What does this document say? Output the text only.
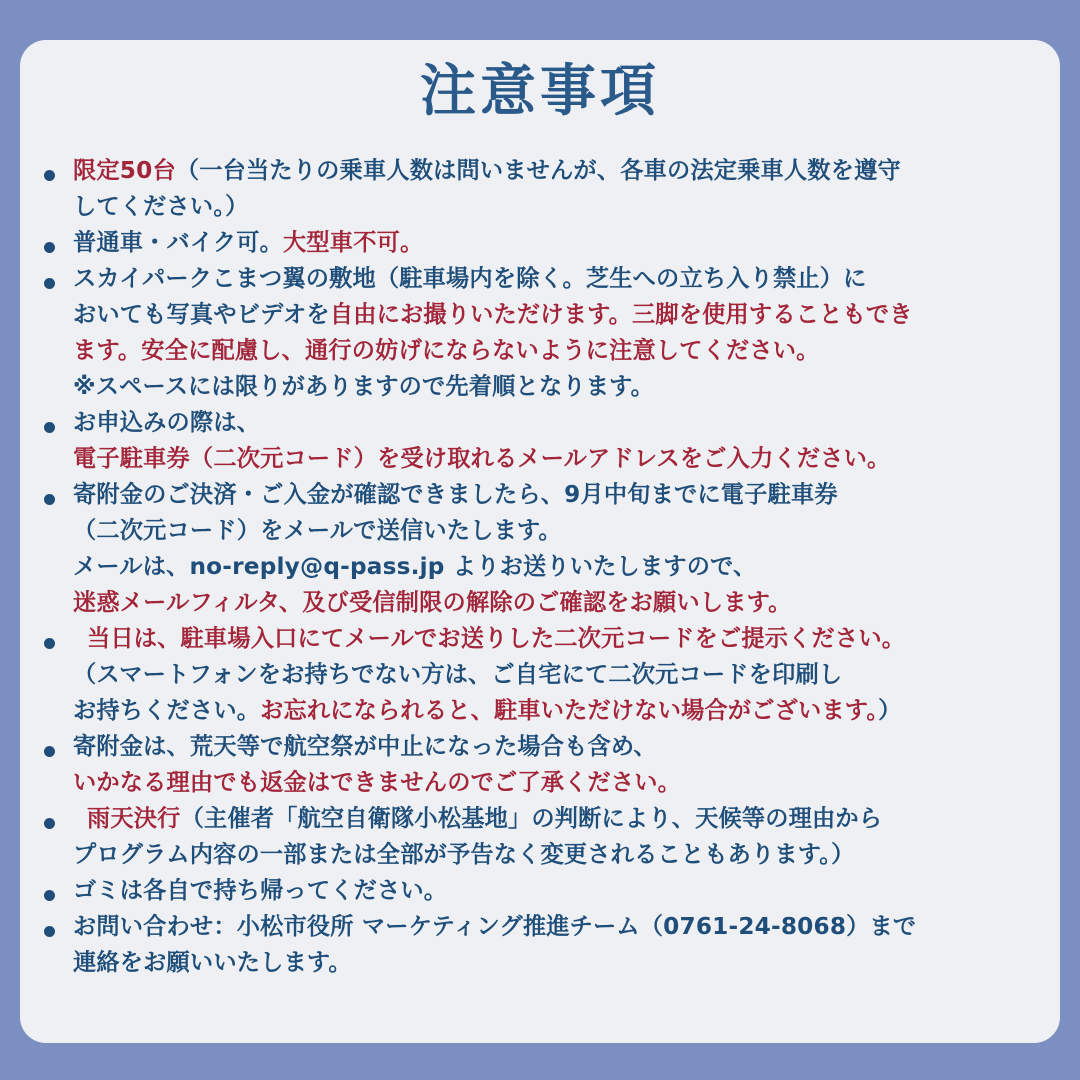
注意事項
限定50台（一台当たりの乗車人数は問いませんが、各車の法定乗車人数を遵守
してください。）
普通車・バイク可。大型車不可。
スカイパークこまつ翼の敷地（駐車場内を除く。芝生への立ち入り禁止）に
おいても写真やビデオを自由にお撮りいただけます。三脚を使用することもでき
ます。安全に配慮し、通行の妨げにならないように注意してください。
※スペースには限りがありますので先着順となります。
お申込みの際は、
電子駐車券（二次元コード）を受け取れるメールアドレスをご入力ください。
寄附金のご決済・ご入金が確認できましたら、9月中旬までに電子駐車券
（二次元コード）をメールで送信いたします。
メールは、no-reply@q-pass.jp よりお送りいたしますので、
迷惑メールフィルタ、及び受信制限の解除のご確認をお願いします。
当日は、駐車場入口にてメールでお送りした二次元コードをご提示ください。
（スマートフォンをお持ちでない方は、ご自宅にて二次元コードを印刷し
お持ちください。お忘れになられると、駐車いただけない場合がございます。）
寄附金は、荒天等で航空祭が中止になった場合も含め、
いかなる理由でも返金はできませんのでご了承ください。
雨天決行（主催者「航空自衛隊小松基地」の判断により、天候等の理由から
プログラム内容の一部または全部が予告なく変更されることもあります。）
ゴミは各自で持ち帰ってください。
お問い合わせ：小松市役所 マーケティング推進チーム（0761-24-8068）まで
連絡をお願いいたします。
